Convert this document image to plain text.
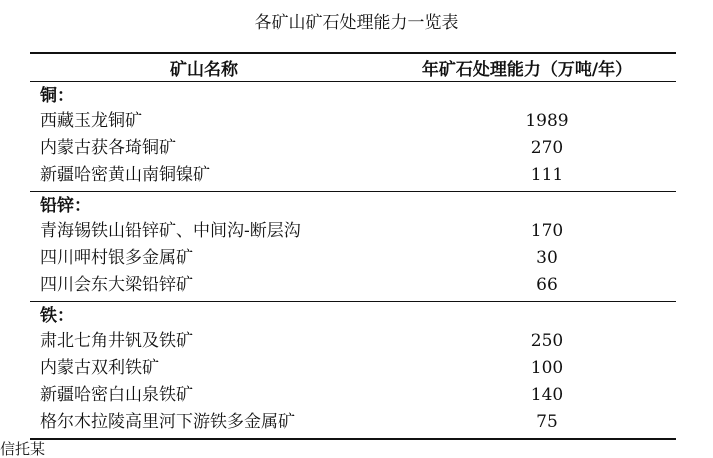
各矿山矿石处理能力一览表
矿山名称	年矿石处理能力（万吨/年）
铜：
西藏玉龙铜矿	1989
内蒙古获各琦铜矿	270
新疆哈密黄山南铜镍矿	111
铅锌：
青海锡铁山铅锌矿、中间沟-断层沟	170
四川呷村银多金属矿	30
四川会东大梁铅锌矿	66
铁：
肃北七角井钒及铁矿	250
内蒙古双利铁矿	100
新疆哈密白山泉铁矿	140
格尔木拉陵高里河下游铁多金属矿	75
信托某
